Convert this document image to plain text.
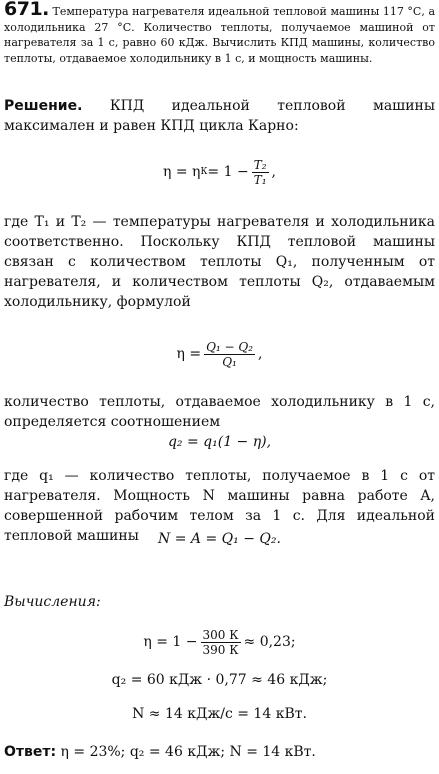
671. Температура нагревателя идеальной тепловой машины 117 °С, а холодильника 27 °С. Количество теплоты, получаемое машиной от нагревателя за 1 с, равно 60 кДж. Вычислить КПД машины, количество теплоты, отдаваемое холодильнику в 1 с, и мощность машины.
Решение. КПД идеальной тепловой машины максимален и равен КПД цикла Карно:
η = η $К = 1 - \frac{\text{T₂}}{\text{T₁}}$ ,
где T₁ и T₂ — температуры нагревателя и холодильника соответственно. Поскольку КПД тепловой машины связан с количеством теплоты Q₁, полученным от нагревателя, и количеством теплоты Q₂, отдаваемым холодильнику, формулой
$\eta = \frac{\text{Q₁ − Q₂}}{\text{Q₁}}$ ,
количество теплоты, отдаваемое холодильнику в 1 с, определяется соотношением
q₂ = q₁(1 − η),
где q₁ — количество теплоты, получаемое в 1 с от нагревателя. Мощность N машины равна работе A, совершенной рабочим телом за 1 с. Для идеальной тепловой машины	N = A = Q₁ − Q₂.
Вычисления:
$\eta = 1 - \frac{300 К}{390 К} \approx 0,23$;
q₂ = 60 кДж · 0,77 ≈ 46 кДж;
N ≈ 14 кДж/с = 14 кВт.
Ответ: η = 23%; q₂ = 46 кДж; N = 14 кВт.
